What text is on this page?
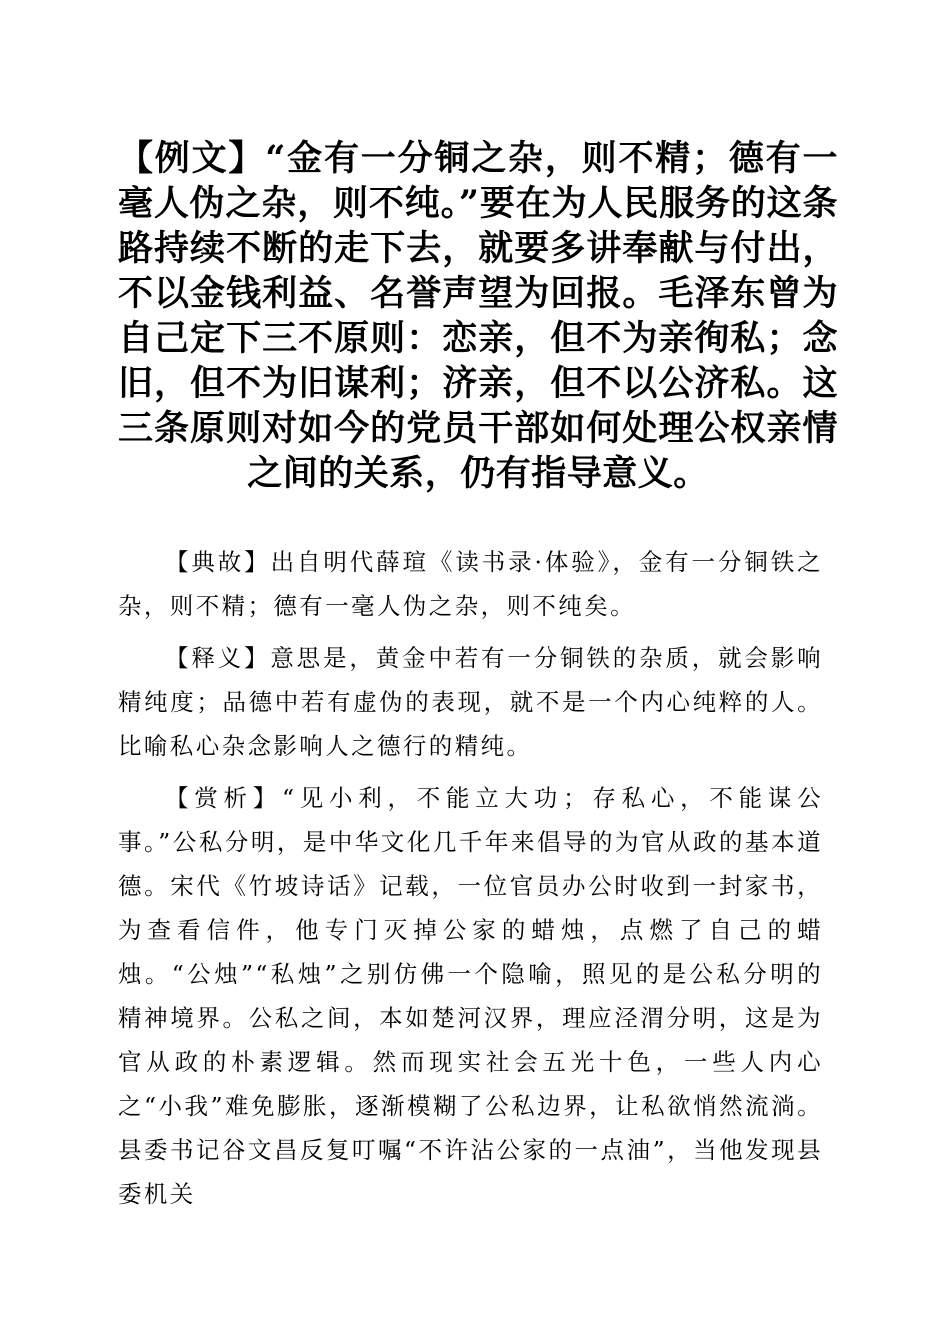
【例文】“金有一分铜之杂，则不精；德有一毫人伪之杂，则不纯。”要在为人民服务的这条路持续不断的走下去，就要多讲奉献与付出，不以金钱利益、名誉声望为回报。毛泽东曾为自己定下三不原则：恋亲，但不为亲徇私；念旧，但不为旧谋利；济亲，但不以公济私。这三条原则对如今的党员干部如何处理公权亲情之间的关系，仍有指导意义。

【典故】出自明代薛瑄《读书录·体验》，金有一分铜铁之杂，则不精；德有一毫人伪之杂，则不纯矣。

【释义】意思是，黄金中若有一分铜铁的杂质，就会影响精纯度；品德中若有虚伪的表现，就不是一个内心纯粹的人。比喻私心杂念影响人之德行的精纯。

【赏析】“见小利，不能立大功；存私心，不能谋公事。”公私分明，是中华文化几千年来倡导的为官从政的基本道德。宋代《竹坡诗话》记载，一位官员办公时收到一封家书，为查看信件，他专门灭掉公家的蜡烛，点燃了自己的蜡烛。“公烛”“私烛”之别仿佛一个隐喻，照见的是公私分明的精神境界。公私之间，本如楚河汉界，理应泾渭分明，这是为官从政的朴素逻辑。然而现实社会五光十色，一些人内心之“小我”难免膨胀，逐渐模糊了公私边界，让私欲悄然流淌。县委书记谷文昌反复叮嘱“不许沾公家的一点油”，当他发现县委机关
